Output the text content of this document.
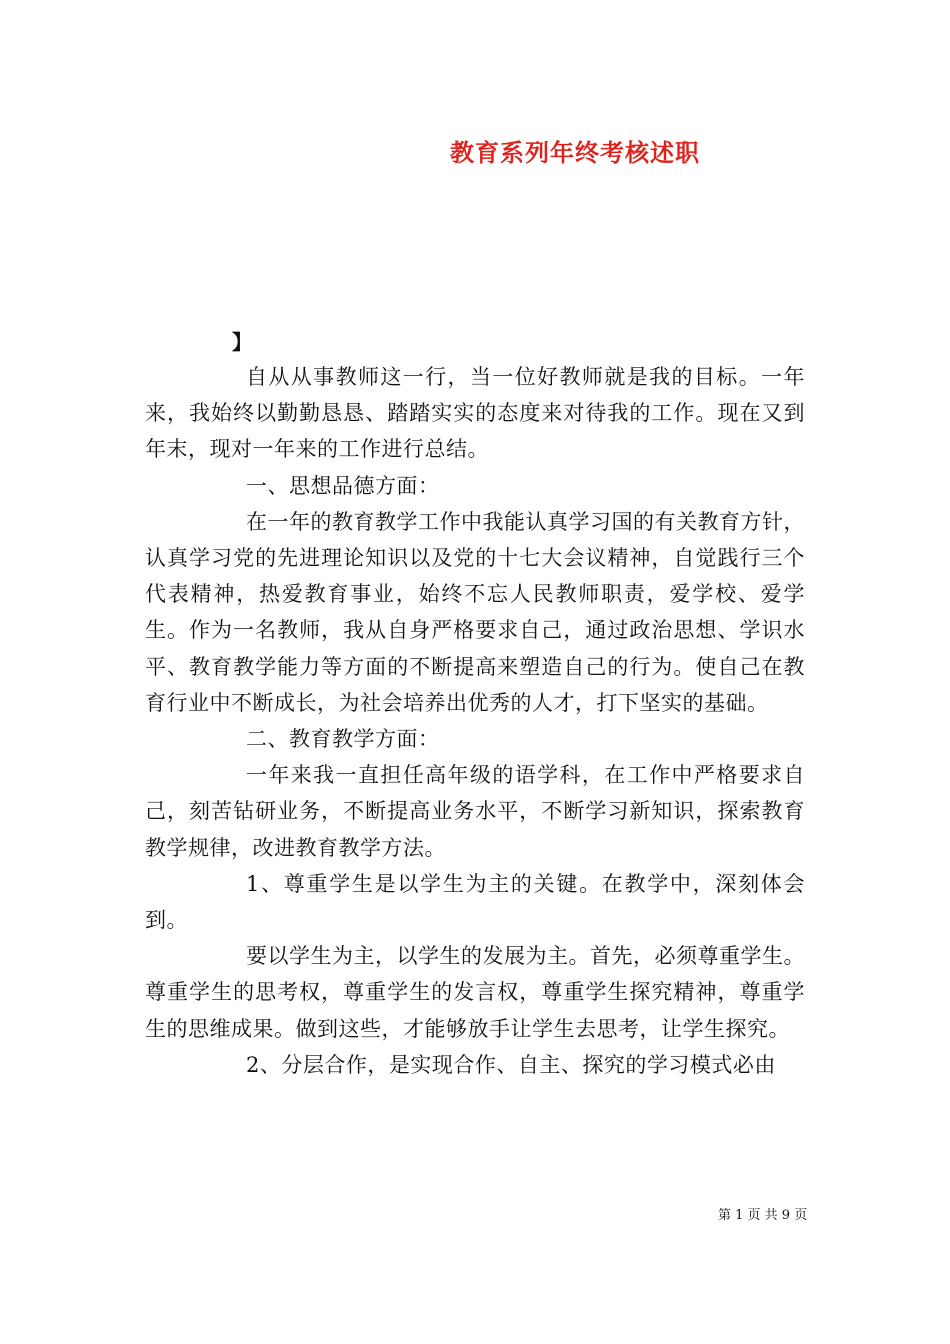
教育系列年终考核述职
】

自从从事教师这一行，当一位好教师就是我的目标。一年来，我始终以勤勤恳恳、踏踏实实的态度来对待我的工作。现在又到年末，现对一年来的工作进行总结。

一、思想品德方面：

在一年的教育教学工作中我能认真学习国的有关教育方针，认真学习党的先进理论知识以及党的十七大会议精神，自觉践行三个代表精神，热爱教育事业，始终不忘人民教师职责，爱学校、爱学生。作为一名教师，我从自身严格要求自己，通过政治思想、学识水平、教育教学能力等方面的不断提高来塑造自己的行为。使自己在教育行业中不断成长，为社会培养出优秀的人才，打下坚实的基础。

二、教育教学方面：

一年来我一直担任高年级的语学科，在工作中严格要求自己，刻苦钻研业务，不断提高业务水平，不断学习新知识，探索教育教学规律，改进教育教学方法。

1、尊重学生是以学生为主的关键。在教学中，深刻体会到。

要以学生为主，以学生的发展为主。首先，必须尊重学生。尊重学生的思考权，尊重学生的发言权，尊重学生探究精神，尊重学生的思维成果。做到这些，才能够放手让学生去思考，让学生探究。

2、分层合作，是实现合作、自主、探究的学习模式必由

第 1 页 共 9 页
